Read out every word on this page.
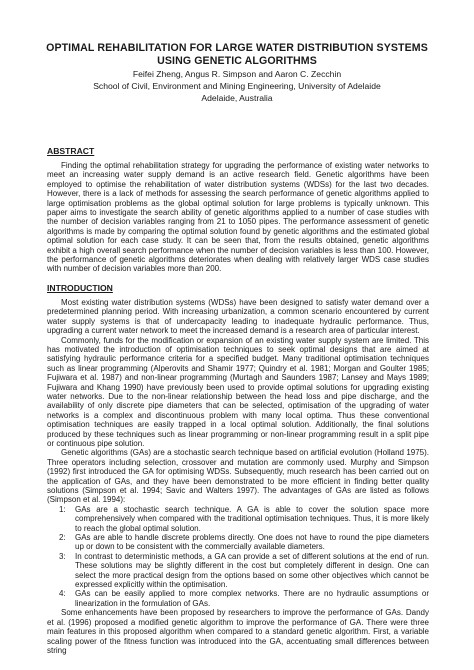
OPTIMAL REHABILITATION FOR LARGE WATER DISTRIBUTION SYSTEMS USING GENETIC ALGORITHMS
Feifei Zheng, Angus R. Simpson and Aaron C. Zecchin
School of Civil, Environment and Mining Engineering, University of Adelaide
Adelaide, Australia
ABSTRACT

Finding the optimal rehabilitation strategy for upgrading the performance of existing water networks to meet an increasing water supply demand is an active research field. Genetic algorithms have been employed to optimise the rehabilitation of water distribution systems (WDSs) for the last two decades. However, there is a lack of methods for assessing the search performance of genetic algorithms applied to large optimisation problems as the global optimal solution for large problems is typically unknown. This paper aims to investigate the search ability of genetic algorithms applied to a number of case studies with the number of decision variables ranging from 21 to 1050 pipes. The performance assessment of genetic algorithms is made by comparing the optimal solution found by genetic algorithms and the estimated global optimal solution for each case study. It can be seen that, from the results obtained, genetic algorithms exhibit a high overall search performance when the number of decision variables is less than 100. However, the performance of genetic algorithms deteriorates when dealing with relatively larger WDS case studies with number of decision variables more than 200.

INTRODUCTION

Most existing water distribution systems (WDSs) have been designed to satisfy water demand over a predetermined planning period. With increasing urbanization, a common scenario encountered by current water supply systems is that of undercapacity leading to inadequate hydraulic performance. Thus, upgrading a current water network to meet the increased demand is a research area of particular interest.

Commonly, funds for the modification or expansion of an existing water supply system are limited. This has motivated the introduction of optimisation techniques to seek optimal designs that are aimed at satisfying hydraulic performance criteria for a specified budget. Many traditional optimisation techniques such as linear programming (Alperovits and Shamir 1977; Quindry et al. 1981; Morgan and Goulter 1985; Fujiwara et al. 1987) and non-linear programming (Murtagh and Saunders 1987; Lansey and Mays 1989; Fujiwara and Khang 1990) have previously been used to provide optimal solutions for upgrading existing water networks. Due to the non-linear relationship between the head loss and pipe discharge, and the availability of only discrete pipe diameters that can be selected, optimisation of the upgrading of water networks is a complex and discontinuous problem with many local optima. Thus these conventional optimisation techniques are easily trapped in a local optimal solution. Additionally, the final solutions produced by these techniques such as linear programming or non-linear programming result in a split pipe or continuous pipe solution.

Genetic algorithms (GAs) are a stochastic search technique based on artificial evolution (Holland 1975). Three operators including selection, crossover and mutation are commonly used. Murphy and Simpson (1992) first introduced the GA for optimising WDSs. Subsequently, much research has been carried out on the application of GAs, and they have been demonstrated to be more efficient in finding better quality solutions (Simpson et al. 1994; Savic and Walters 1997). The advantages of GAs are listed as follows (Simpson et al. 1994):

1: GAs are a stochastic search technique. A GA is able to cover the solution space more comprehensively when compared with the traditional optimisation techniques. Thus, it is more likely to reach the global optimal solution.
2: GAs are able to handle discrete problems directly. One does not have to round the pipe diameters up or down to be consistent with the commercially available diameters.
3: In contrast to deterministic methods, a GA can provide a set of different solutions at the end of run. These solutions may be slightly different in the cost but completely different in design. One can select the more practical design from the options based on some other objectives which cannot be expressed explicitly within the optimisation.
4: GAs can be easily applied to more complex networks. There are no hydraulic assumptions or linearization in the formulation of GAs.

Some enhancements have been proposed by researchers to improve the performance of GAs. Dandy et al. (1996) proposed a modified genetic algorithm to improve the performance of GA. There were three main features in this proposed algorithm when compared to a standard genetic algorithm. First, a variable scaling power of the fitness function was introduced into the GA, accentuating small differences between string
